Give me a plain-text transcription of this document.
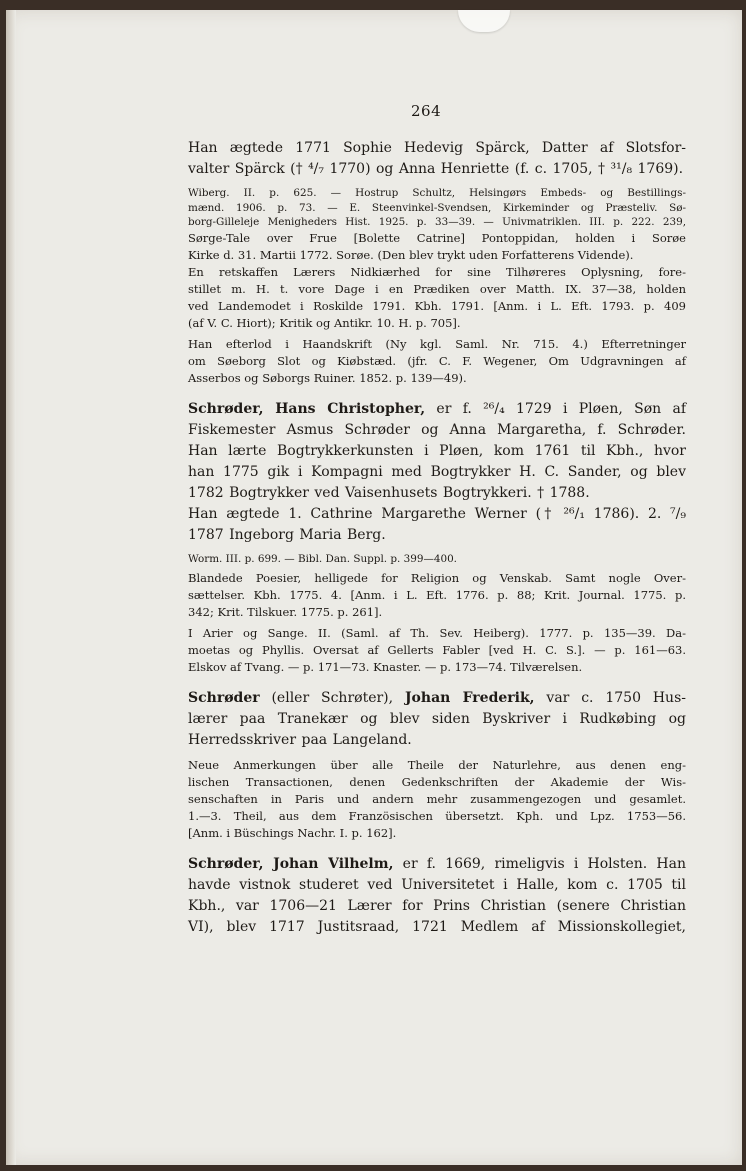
264

Han ægtede 1771 Sophie Hedevig Spärck, Datter af Slotsfor-
valter Spärck († ⁴/₇ 1770) og Anna Henriette (f. c. 1705, † ³¹/₈ 1769).

Wiberg. II. p. 625. — Hostrup Schultz, Helsingørs Embeds- og Bestillings-
mænd. 1906. p. 73. — E. Steenvinkel-Svendsen, Kirkeminder og Præsteliv. Sø-
borg-Gilleleje Menigheders Hist. 1925. p. 33—39. — Univmatriklen. III. p. 222. 239,

Sørge-Tale over Frue [Bolette Catrine] Pontoppidan, holden i Sorøe
Kirke d. 31. Martii 1772. Sorøe. (Den blev trykt uden Forfatterens Vidende).

En retskaffen Lærers Nidkiærhed for sine Tilhøreres Oplysning, fore-
stillet m. H. t. vore Dage i en Prædiken over Matth. IX. 37—38, holden
ved Landemodet i Roskilde 1791. Kbh. 1791. [Anm. i L. Eft. 1793. p. 409
(af V. C. Hiort); Kritik og Antikr. 10. H. p. 705].

Han efterlod i Haandskrift (Ny kgl. Saml. Nr. 715. 4.) Efterretninger
om Søeborg Slot og Kiøbstæd. (jfr. C. F. Wegener, Om Udgravningen af
Asserbos og Søborgs Ruiner. 1852. p. 139—49).

Schrøder, Hans Christopher, er f. ²⁶/₄ 1729 i Pløen, Søn af
Fiskemester Asmus Schrøder og Anna Margaretha, f. Schrøder.
Han lærte Bogtrykkerkunsten i Pløen, kom 1761 til Kbh., hvor
han 1775 gik i Kompagni med Bogtrykker H. C. Sander, og blev
1782 Bogtrykker ved Vaisenhusets Bogtrykkeri. † 1788.

Han ægtede 1. Cathrine Margarethe Werner († ²⁶/₁ 1786). 2. ⁷/₉
1787 Ingeborg Maria Berg.

Worm. III. p. 699. — Bibl. Dan. Suppl. p. 399—400.

Blandede Poesier, helligede for Religion og Venskab. Samt nogle Over-
sættelser. Kbh. 1775. 4. [Anm. i L. Eft. 1776. p. 88; Krit. Journal. 1775. p.
342; Krit. Tilskuer. 1775. p. 261].

I Arier og Sange. II. (Saml. af Th. Sev. Heiberg). 1777. p. 135—39. Da-
moetas og Phyllis. Oversat af Gellerts Fabler [ved H. C. S.]. — p. 161—63.
Elskov af Tvang. — p. 171—73. Knaster. — p. 173—74. Tilværelsen.

Schrøder (eller Schrøter), Johan Frederik, var c. 1750 Hus-
lærer paa Tranekær og blev siden Byskriver i Rudkøbing og
Herredsskriver paa Langeland.

Neue Anmerkungen über alle Theile der Naturlehre, aus denen eng-
lischen Transactionen, denen Gedenkschriften der Akademie der Wis-
senschaften in Paris und andern mehr zusammengezogen und gesamlet.
1.—3. Theil, aus dem Französischen übersetzt. Kph. und Lpz. 1753—56.
[Anm. i Büschings Nachr. I. p. 162].

Schrøder, Johan Vilhelm, er f. 1669, rimeligvis i Holsten. Han
havde vistnok studeret ved Universitetet i Halle, kom c. 1705 til
Kbh., var 1706—21 Lærer for Prins Christian (senere Christian
VI), blev 1717 Justitsraad, 1721 Medlem af Missionskollegiet,
